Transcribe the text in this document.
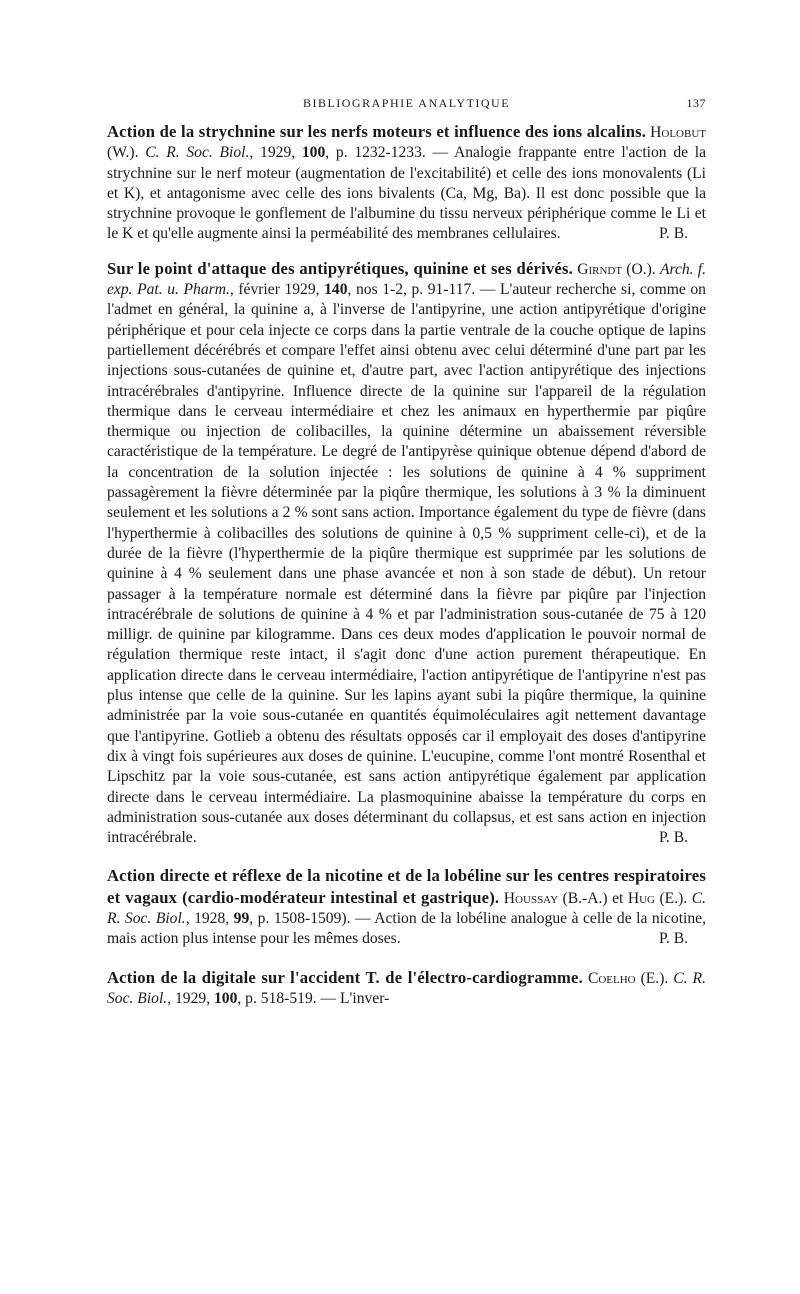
BIBLIOGRAPHIE ANALYTIQUE	137

Action de la strychnine sur les nerfs moteurs et influence des ions alcalins. Holobut (W.). C. R. Soc. Biol., 1929, 100, p. 1232-1233. — Analogie frappante entre l'action de la strychnine sur le nerf moteur (augmentation de l'excitabilité) et celle des ions monovalents (Li et K), et antagonisme avec celle des ions bivalents (Ca, Mg, Ba). Il est donc possible que la strychnine provoque le gonflement de l'albumine du tissu nerveux périphérique comme le Li et le K et qu'elle augmente ainsi la perméabilité des membranes cellulaires.	P. B.

Sur le point d'attaque des antipyrétiques, quinine et ses dérivés. Girndt (O.). Arch. f. exp. Pat. u. Pharm., février 1929, 140, nos 1-2, p. 91-117. — L'auteur recherche si, comme on l'admet en général, la quinine a, à l'inverse de l'antipyrine, une action antipyrétique d'origine périphérique et pour cela injecte ce corps dans la partie ventrale de la couche optique de lapins partiellement décérébrés et compare l'effet ainsi obtenu avec celui déterminé d'une part par les injections sous-cutanées de quinine et, d'autre part, avec l'action antipyrétique des injections intracérébrales d'antipyrine. Influence directe de la quinine sur l'appareil de la régulation thermique dans le cerveau intermédiaire et chez les animaux en hyperthermie par piqûre thermique ou injection de colibacilles, la quinine détermine un abaissement réversible caractéristique de la température. Le degré de l'antipyrèse quinique obtenue dépend d'abord de la concentration de la solution injectée : les solutions de quinine à 4 % suppriment passagèrement la fièvre déterminée par la piqûre thermique, les solutions à 3 % la diminuent seulement et les solutions a 2 % sont sans action. Importance également du type de fièvre (dans l'hyperthermie à colibacilles des solutions de quinine à 0,5 % suppriment celle-ci), et de la durée de la fièvre (l'hyperthermie de la piqûre thermique est supprimée par les solutions de quinine à 4 % seulement dans une phase avancée et non à son stade de début). Un retour passager à la température normale est déterminé dans la fièvre par piqûre par l'injection intracérébrale de solutions de quinine à 4 % et par l'administration sous-cutanée de 75 à 120 milligr. de quinine par kilogramme. Dans ces deux modes d'application le pouvoir normal de régulation thermique reste intact, il s'agit donc d'une action purement thérapeutique. En application directe dans le cerveau intermédiaire, l'action antipyrétique de l'antipyrine n'est pas plus intense que celle de la quinine. Sur les lapins ayant subi la piqûre thermique, la quinine administrée par la voie sous-cutanée en quantités équimoléculaires agit nettement davantage que l'antipyrine. Gotlieb a obtenu des résultats opposés car il employait des doses d'antipyrine dix à vingt fois supérieures aux doses de quinine. L'eucupine, comme l'ont montré Rosenthal et Lipschitz par la voie sous-cutanée, est sans action antipyrétique également par application directe dans le cerveau intermédiaire. La plasmoquinine abaisse la température du corps en administration sous-cutanée aux doses déterminant du collapsus, et est sans action en injection intracérébrale.	P. B.

Action directe et réflexe de la nicotine et de la lobéline sur les centres respiratoires et vagaux (cardio-modérateur intestinal et gastrique). Houssay (B.-A.) et Hug (E.). C. R. Soc. Biol., 1928, 99, p. 1508-1509). — Action de la lobéline analogue à celle de la nicotine, mais action plus intense pour les mêmes doses.	P. B.

Action de la digitale sur l'accident T. de l'électro-cardiogramme. Coelho (E.). C. R. Soc. Biol., 1929, 100, p. 518-519. — L'inver-
